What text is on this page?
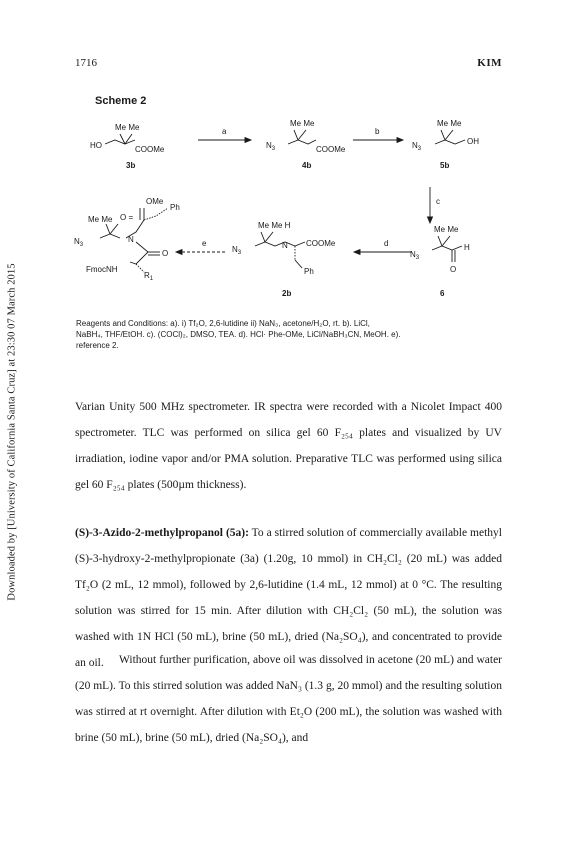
Downloaded by [University of California Santa Cruz] at 23:30 07 March 2015
1716	KIM
Scheme 2
a	b
c
d
e
Me Me
HO	COOMe
3b
Me Me
$N_3$	COOMe
4b
Me Me
$N_3$
OH
5b
Me Me
$N_3$
H
O
6
Me Me H
$N_3$
N COOMe
Ph
2b
OMe
O =
Ph
Me Me
$N_3$
N
O
FmocNH
$R_1$

Reagents and Conditions: a). i) Tf₂O, 2,6-lutidine ii) NaN₃, acetone/H₂O, rt. b). LiCl,

NaBH₄, THF/EtOH. c). (COCl)₂, DMSO, TEA. d). HCl· Phe-OMe, LiCl/NaBH₃CN, MeOH. e).

reference 2.

Varian Unity 500 MHz spectrometer. IR spectra were recorded with a Nicolet Impact 400 spectrometer. TLC was performed on silica gel 60 F₂₅₄ plates and visualized by UV irradiation, iodine vapor and/or PMA solution. Preparative TLC was performed using silica gel 60 F₂₅₄ plates (500µm thickness).

(S)-3-Azido-2-methylpropanol (5a): To a stirred solution of commercially available methyl (S)-3-hydroxy-2-methylpropionate (3a) (1.20g, 10 mmol) in CH₂Cl₂ (20 mL) was added Tf₂O (2 mL, 12 mmol), followed by 2,6-lutidine (1.4 mL, 12 mmol) at 0 °C. The resulting solution was stirred for 15 min. After dilution with CH₂Cl₂ (50 mL), the solution was washed with 1N HCl (50 mL), brine (50 mL), dried (Na₂SO₄), and concentrated to provide an oil.	Without further purification, above oil was dissolved in acetone (20 mL) and water (20 mL). To this stirred solution was added NaN₃ (1.3 g, 20 mmol) and the resulting solution was stirred at rt overnight. After dilution with Et₂O (200 mL), the solution was washed with brine (50 mL), brine (50 mL), dried (Na₂SO₄), and
